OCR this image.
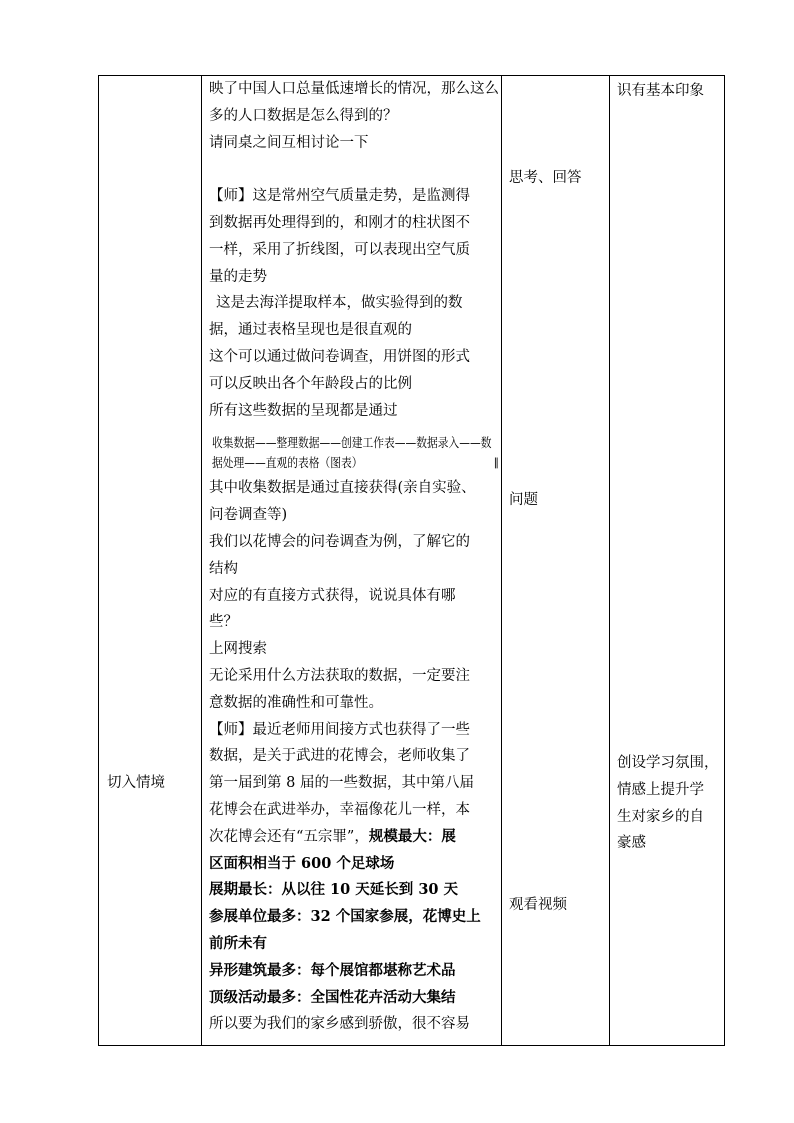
切入情境
映了中国人口总量低速增长的情况，那么这么
多的人口数据是怎么得到的？
请同桌之间互相讨论一下
【师】这是常州空气质量走势，是监测得
到数据再处理得到的，和刚才的柱状图不
一样，采用了折线图，可以表现出空气质
量的走势
这是去海洋提取样本，做实验得到的数
据，通过表格呈现也是很直观的
这个可以通过做问卷调查，用饼图的形式
可以反映出各个年龄段占的比例
所有这些数据的呈现都是通过
收集数据——整理数据——创建工作表——数据录入——数
据处理——直观的表格（图表）	∥
其中收集数据是通过直接获得(亲自实验、
问卷调查等)
我们以花博会的问卷调查为例，了解它的
结构
对应的有直接方式获得，说说具体有哪
些？
上网搜索
无论采用什么方法获取的数据，一定要注
意数据的准确性和可靠性。
【师】最近老师用间接方式也获得了一些
数据，是关于武进的花博会，老师收集了
第一届到第 8 届的一些数据，其中第八届
花博会在武进举办，幸福像花儿一样，本
次花博会还有“五宗罪”，规模最大：展
区面积相当于 600 个足球场
展期最长：从以往 10 天延长到 30 天
参展单位最多：32 个国家参展，花博史上
前所未有
异形建筑最多：每个展馆都堪称艺术品
顶级活动最多：全国性花卉活动大集结
所以要为我们的家乡感到骄傲，很不容易
思考、回答
问题
观看视频
识有基本印象
创设学习氛围，
情感上提升学
生对家乡的自
豪感
